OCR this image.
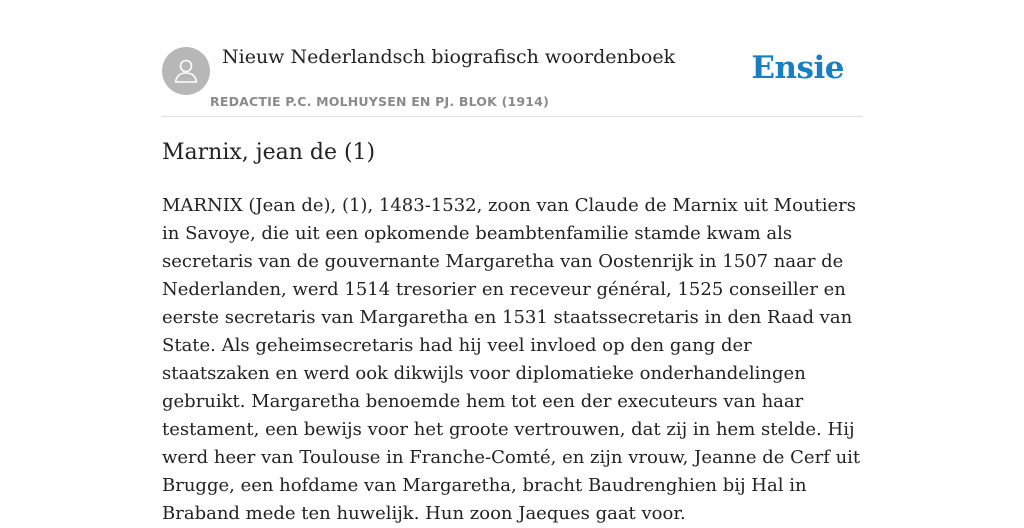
Nieuw Nederlandsch biografisch woordenboek
REDACTIE P.C. MOLHUYSEN EN PJ. BLOK (1914)
Ensie
Marnix, jean de (1)

MARNIX (Jean de), (1), 1483-1532, zoon van Claude de Marnix uit Moutiers in Savoye, die uit een opkomende beambtenfamilie stamde kwam als secretaris van de gouvernante Margaretha van Oostenrijk in 1507 naar de Nederlanden, werd 1514 tresorier en receveur général, 1525 conseiller en eerste secretaris van Margaretha en 1531 staatssecretaris in den Raad van State. Als geheimsecretaris had hij veel invloed op den gang der staatszaken en werd ook dikwijls voor diplomatieke onderhandelingen gebruikt. Margaretha benoemde hem tot een der executeurs van haar testament, een bewijs voor het groote vertrouwen, dat zij in hem stelde. Hij werd heer van Toulouse in Franche-Comté, en zijn vrouw, Jeanne de Cerf uit Brugge, een hofdame van Margaretha, bracht Baudrenghien bij Hal in Braband mede ten huwelijk. Hun zoon Jaeques gaat voor.
